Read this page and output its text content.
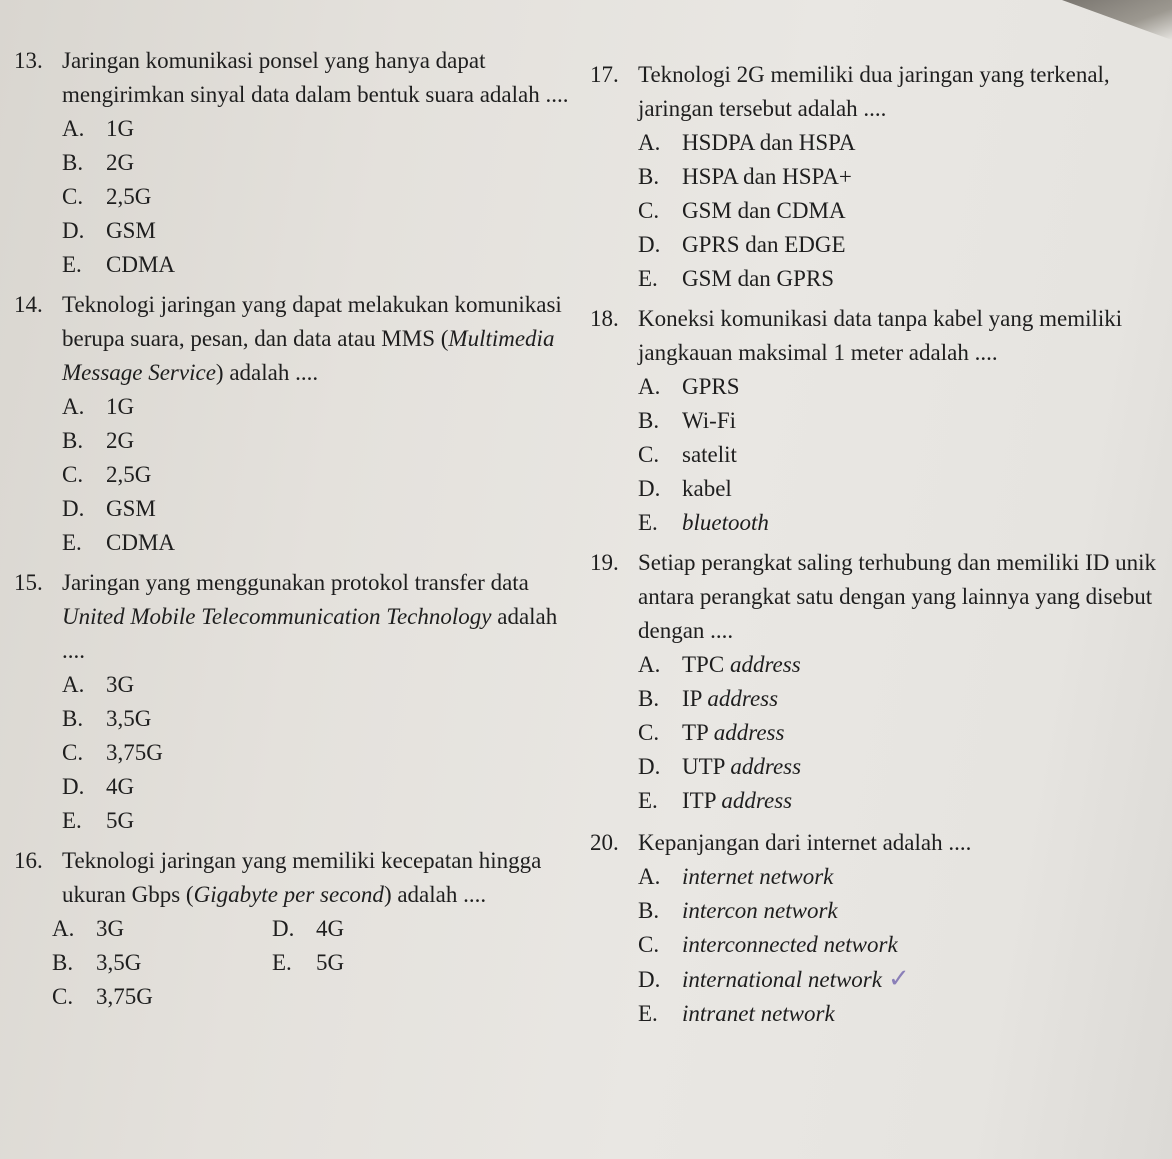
13. Jaringan komunikasi ponsel yang hanya dapat mengirimkan sinyal data dalam bentuk suara adalah ....
A. 1G
B. 2G
C. 2,5G
D. GSM
E. CDMA
14. Teknologi jaringan yang dapat melakukan komunikasi berupa suara, pesan, dan data atau MMS (Multimedia Message Service) adalah ....
A. 1G
B. 2G
C. 2,5G
D. GSM
E. CDMA
15. Jaringan yang menggunakan protokol transfer data United Mobile Telecommunication Technology adalah ....
A. 3G
B. 3,5G
C. 3,75G
D. 4G
E. 5G
16. Teknologi jaringan yang memiliki kecepatan hingga ukuran Gbps (Gigabyte per second) adalah ....
A. 3G	D. 4G
B. 3,5G	E. 5G
C. 3,75G
17. Teknologi 2G memiliki dua jaringan yang terkenal, jaringan tersebut adalah ....
A. HSDPA dan HSPA
B. HSPA dan HSPA+
C. GSM dan CDMA
D. GPRS dan EDGE
E. GSM dan GPRS
18. Koneksi komunikasi data tanpa kabel yang memiliki jangkauan maksimal 1 meter adalah ....
A. GPRS
B. Wi-Fi
C. satelit
D. kabel
E. bluetooth
19. Setiap perangkat saling terhubung dan memiliki ID unik antara perangkat satu dengan yang lainnya yang disebut dengan ....
A. TPC address
B. IP address
C. TP address
D. UTP address
E. ITP address
20. Kepanjangan dari internet adalah ....
A. internet network
B. intercon network
C. interconnected network
D. international network ✓
E. intranet network
